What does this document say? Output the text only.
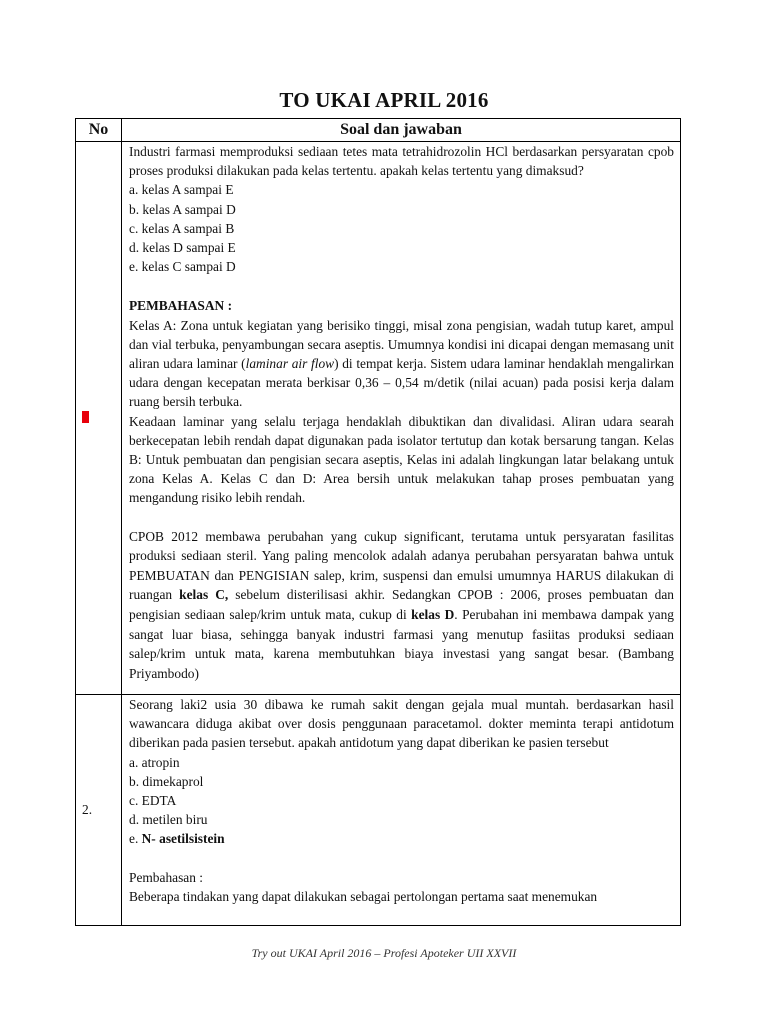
TO UKAI APRIL 2016
No	Soal dan jawaban

Industri farmasi memproduksi sediaan tetes mata tetrahidrozolin HCl berdasarkan persyaratan cpob proses produksi dilakukan pada kelas tertentu. apakah kelas tertentu yang dimaksud?

a. kelas A sampai E
b. kelas A sampai D
c. kelas A sampai B
d. kelas D sampai E
e. kelas C sampai D
PEMBAHASAN :

Kelas A: Zona untuk kegiatan yang berisiko tinggi, misal zona pengisian, wadah tutup karet, ampul dan vial terbuka, penyambungan secara aseptis. Umumnya kondisi ini dicapai dengan memasang unit aliran udara laminar (laminar air flow) di tempat kerja. Sistem udara laminar hendaklah mengalirkan udara dengan kecepatan merata berkisar 0,36 – 0,54 m/detik (nilai acuan) pada posisi kerja dalam ruang bersih terbuka.

Keadaan laminar yang selalu terjaga hendaklah dibuktikan dan divalidasi. Aliran udara searah berkecepatan lebih rendah dapat digunakan pada isolator tertutup dan kotak bersarung tangan. Kelas B: Untuk pembuatan dan pengisian secara aseptis, Kelas ini adalah lingkungan latar belakang untuk zona Kelas A. Kelas C dan D: Area bersih untuk melakukan tahap proses pembuatan yang mengandung risiko lebih rendah.

CPOB 2012 membawa perubahan yang cukup significant, terutama untuk persyaratan fasilitas produksi sediaan steril. Yang paling mencolok adalah adanya perubahan persyaratan bahwa untuk PEMBUATAN dan PENGISIAN salep, krim, suspensi dan emulsi umumnya HARUS dilakukan di ruangan kelas C, sebelum disterilisasi akhir. Sedangkan CPOB : 2006, proses pembuatan dan pengisian sediaan salep/krim untuk mata, cukup di kelas D. Perubahan ini membawa dampak yang sangat luar biasa, sehingga banyak industri farmasi yang menutup fasiitas produksi sediaan salep/krim untuk mata, karena membutuhkan biaya investasi yang sangat besar. (Bambang Priyambodo)

2.

Seorang laki2 usia 30 dibawa ke rumah sakit dengan gejala mual muntah. berdasarkan hasil wawancara diduga akibat over dosis penggunaan paracetamol. dokter meminta terapi antidotum diberikan pada pasien tersebut. apakah antidotum yang dapat diberikan ke pasien tersebut

a. atropin
b. dimekaprol
c. EDTA
d. metilen biru
e. N- asetilsistein
Pembahasan :

Beberapa tindakan yang dapat dilakukan sebagai pertolongan pertama saat menemukan

Try out UKAI April 2016 – Profesi Apoteker UII XXVII
